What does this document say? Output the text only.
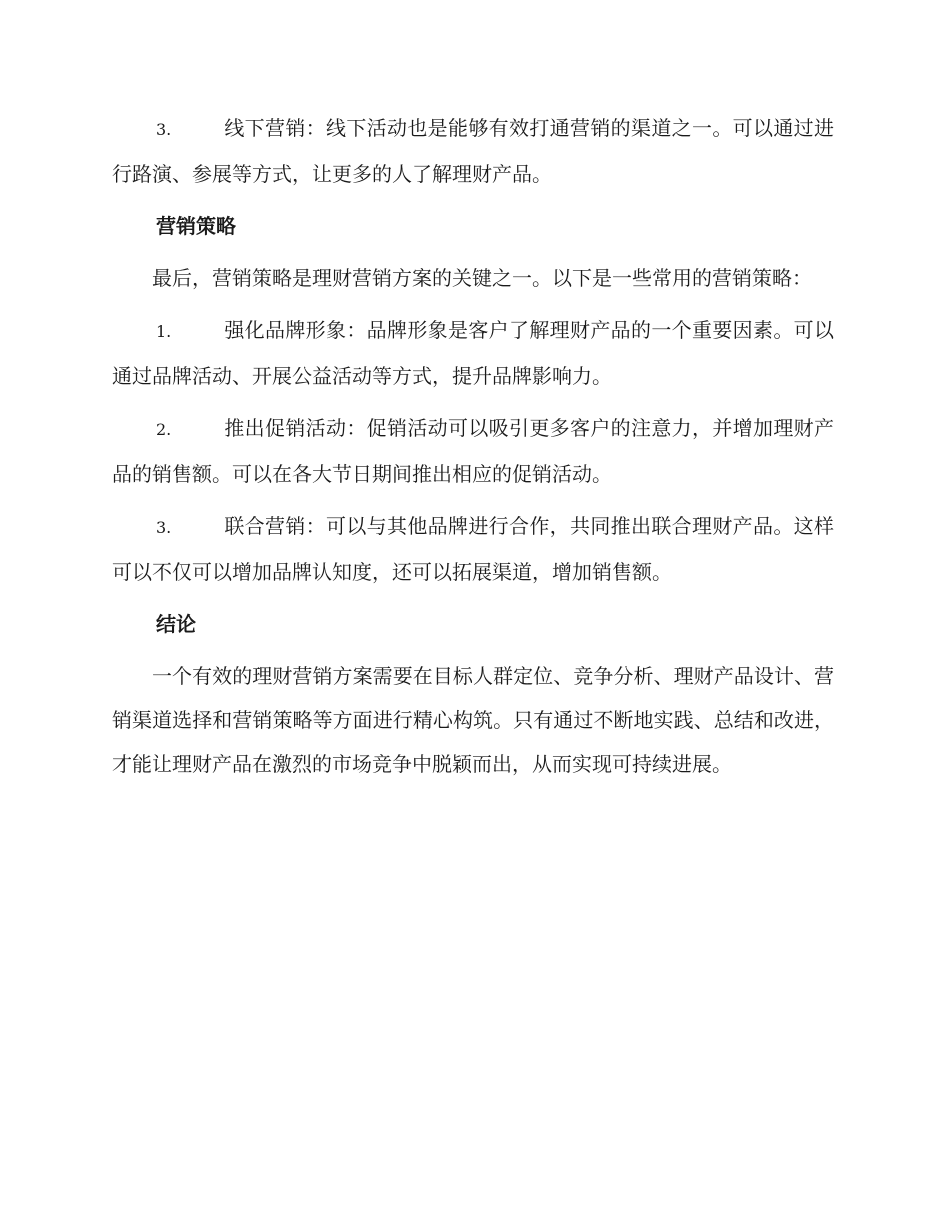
3.	线下营销：线下活动也是能够有效打通营销的渠道之一。可以通过进行路演、参展等方式，让更多的人了解理财产品。

营销策略

最后，营销策略是理财营销方案的关键之一。以下是一些常用的营销策略：

1.	强化品牌形象：品牌形象是客户了解理财产品的一个重要因素。可以通过品牌活动、开展公益活动等方式，提升品牌影响力。

2.	推出促销活动：促销活动可以吸引更多客户的注意力，并增加理财产品的销售额。可以在各大节日期间推出相应的促销活动。

3.	联合营销：可以与其他品牌进行合作，共同推出联合理财产品。这样可以不仅可以增加品牌认知度，还可以拓展渠道，增加销售额。

结论

一个有效的理财营销方案需要在目标人群定位、竞争分析、理财产品设计、营销渠道选择和营销策略等方面进行精心构筑。只有通过不断地实践、总结和改进，才能让理财产品在激烈的市场竞争中脱颖而出，从而实现可持续进展。
